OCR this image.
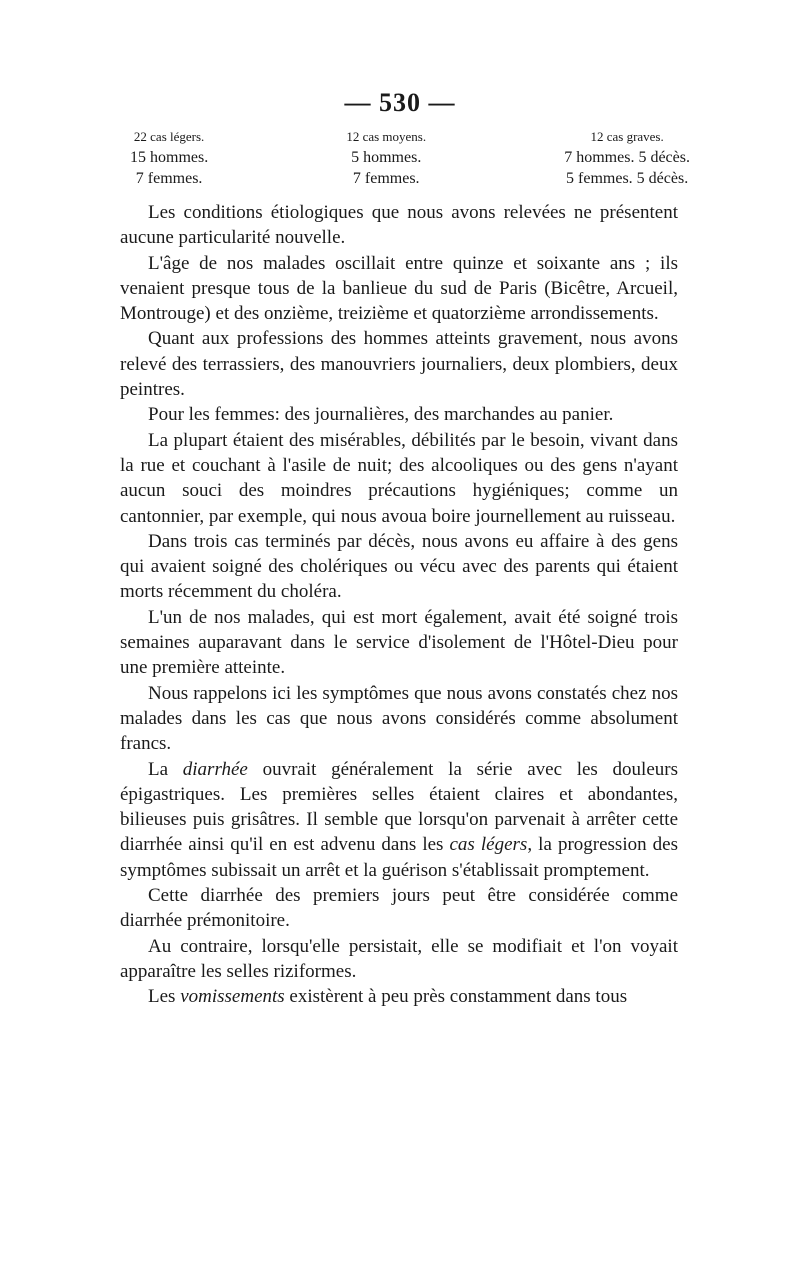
— 530 —
22 cas légers.
15 hommes.
7 femmes.
12 cas moyens.
5 hommes.
7 femmes.
12 cas graves.
7 hommes. 5 décès.
5 femmes. 5 décès.

Les conditions étiologiques que nous avons relevées ne présentent aucune particularité nouvelle.

L'âge de nos malades oscillait entre quinze et soixante ans ; ils venaient presque tous de la banlieue du sud de Paris (Bicêtre, Arcueil, Montrouge) et des onzième, treizième et quatorzième arrondissements.

Quant aux professions des hommes atteints gravement, nous avons relevé des terrassiers, des manouvriers journaliers, deux plombiers, deux peintres.

Pour les femmes: des journalières, des marchandes au panier.

La plupart étaient des misérables, débilités par le besoin, vivant dans la rue et couchant à l'asile de nuit; des alcooliques ou des gens n'ayant aucun souci des moindres précautions hygiéniques; comme un cantonnier, par exemple, qui nous avoua boire journellement au ruisseau.

Dans trois cas terminés par décès, nous avons eu affaire à des gens qui avaient soigné des cholériques ou vécu avec des parents qui étaient morts récemment du choléra.

L'un de nos malades, qui est mort également, avait été soigné trois semaines auparavant dans le service d'isolement de l'Hôtel-Dieu pour une première atteinte.

Nous rappelons ici les symptômes que nous avons constatés chez nos malades dans les cas que nous avons considérés comme absolument francs.

La diarrhée ouvrait généralement la série avec les douleurs épigastriques. Les premières selles étaient claires et abondantes, bilieuses puis grisâtres. Il semble que lorsqu'on parvenait à arrêter cette diarrhée ainsi qu'il en est advenu dans les cas légers, la progression des symptômes subissait un arrêt et la guérison s'établissait promptement.

Cette diarrhée des premiers jours peut être considérée comme diarrhée prémonitoire.

Au contraire, lorsqu'elle persistait, elle se modifiait et l'on voyait apparaître les selles riziformes.

Les vomissements existèrent à peu près constamment dans tous
